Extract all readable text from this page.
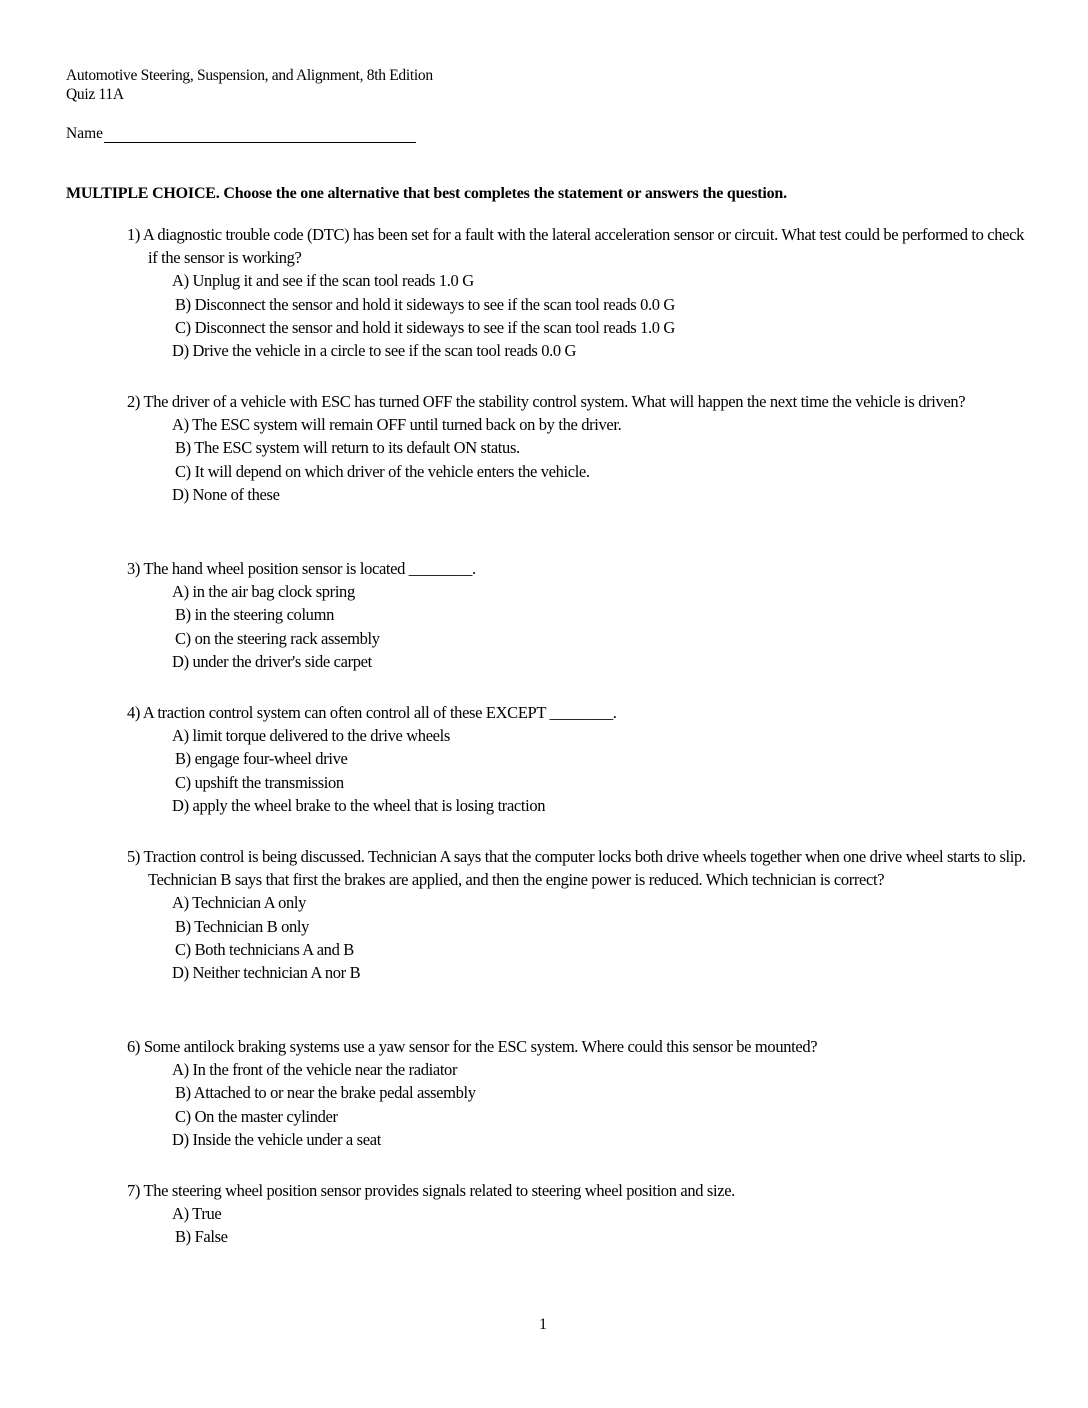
Automotive Steering, Suspension, and Alignment, 8th Edition
Quiz 11A
Name
MULTIPLE CHOICE. Choose the one alternative that best completes the statement or answers the question.
1) A diagnostic trouble code (DTC) has been set for a fault with the lateral acceleration sensor or circuit. What test could be performed to check if the sensor is working?
A) Unplug it and see if the scan tool reads 1.0 G
B) Disconnect the sensor and hold it sideways to see if the scan tool reads 0.0 G
C) Disconnect the sensor and hold it sideways to see if the scan tool reads 1.0 G
D) Drive the vehicle in a circle to see if the scan tool reads 0.0 G
2) The driver of a vehicle with ESC has turned OFF the stability control system. What will happen the next time the vehicle is driven?
A) The ESC system will remain OFF until turned back on by the driver.
B) The ESC system will return to its default ON status.
C) It will depend on which driver of the vehicle enters the vehicle.
D) None of these
3) The hand wheel position sensor is located ________.
A) in the air bag clock spring
B) in the steering column
C) on the steering rack assembly
D) under the driver's side carpet
4) A traction control system can often control all of these EXCEPT ________.
A) limit torque delivered to the drive wheels
B) engage four-wheel drive
C) upshift the transmission
D) apply the wheel brake to the wheel that is losing traction
5) Traction control is being discussed. Technician A says that the computer locks both drive wheels together when one drive wheel starts to slip. Technician B says that first the brakes are applied, and then the engine power is reduced. Which technician is correct?
A) Technician A only
B) Technician B only
C) Both technicians A and B
D) Neither technician A nor B
6) Some antilock braking systems use a yaw sensor for the ESC system. Where could this sensor be mounted?
A) In the front of the vehicle near the radiator
B) Attached to or near the brake pedal assembly
C) On the master cylinder
D) Inside the vehicle under a seat
7) The steering wheel position sensor provides signals related to steering wheel position and size.
A) True
B) False
1
